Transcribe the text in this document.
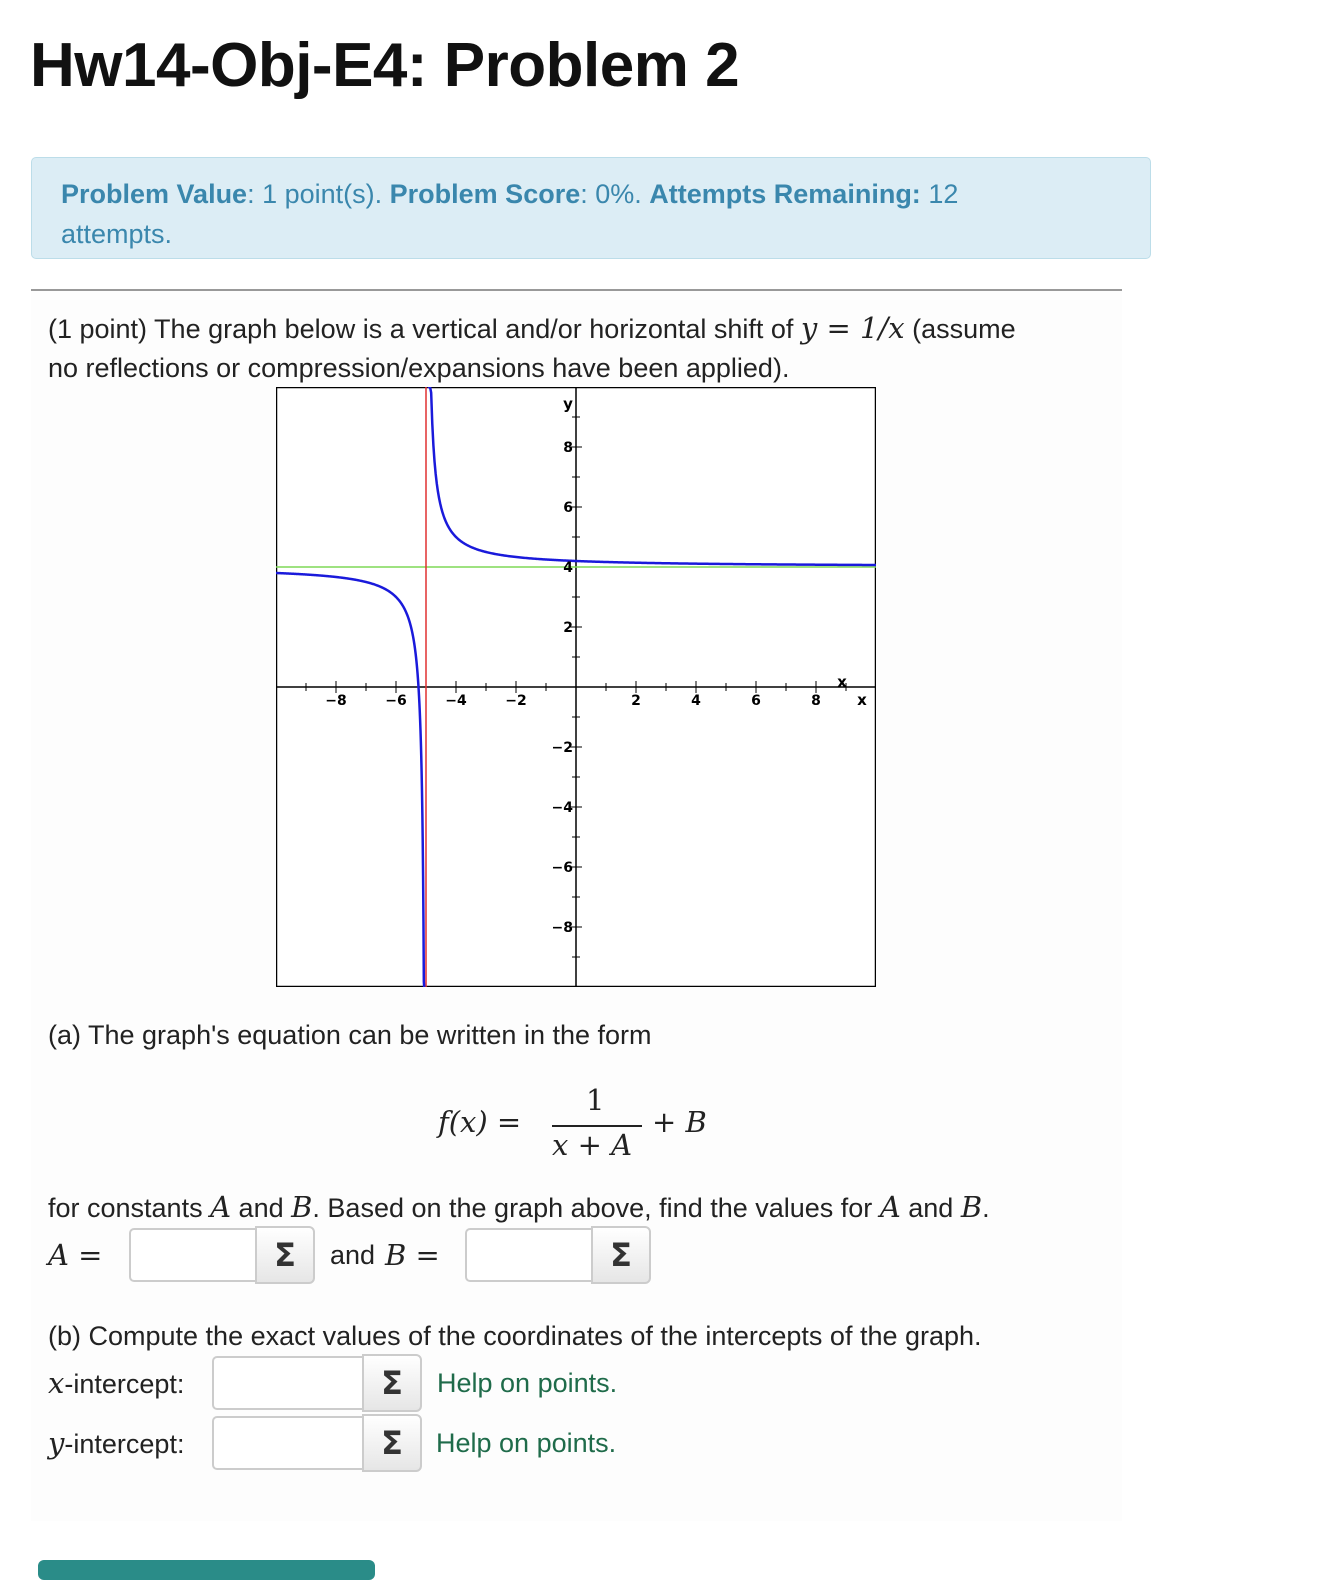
Hw14-Obj-E4: Problem 2
Problem Value: 1 point(s). Problem Score: 0%. Attempts Remaining: 12
attempts.
(1 point) The graph below is a vertical and/or horizontal shift of y = 1/x (assume
no reflections or compression/expansions have been applied).
−8	−6	−4	−2	2	4	6	8
8
6
4
2
−2
−4
−6
−8
x
x
y
(a) The graph's equation can be written in the form
f(x) =
1
x + A
+ B
for constants A and B. Based on the graph above, find the values for A and B.
A =	Σ and B =	Σ
(b) Compute the exact values of the coordinates of the intercepts of the graph.
x-intercept:	Σ Help on points.
y-intercept:	Σ Help on points.
